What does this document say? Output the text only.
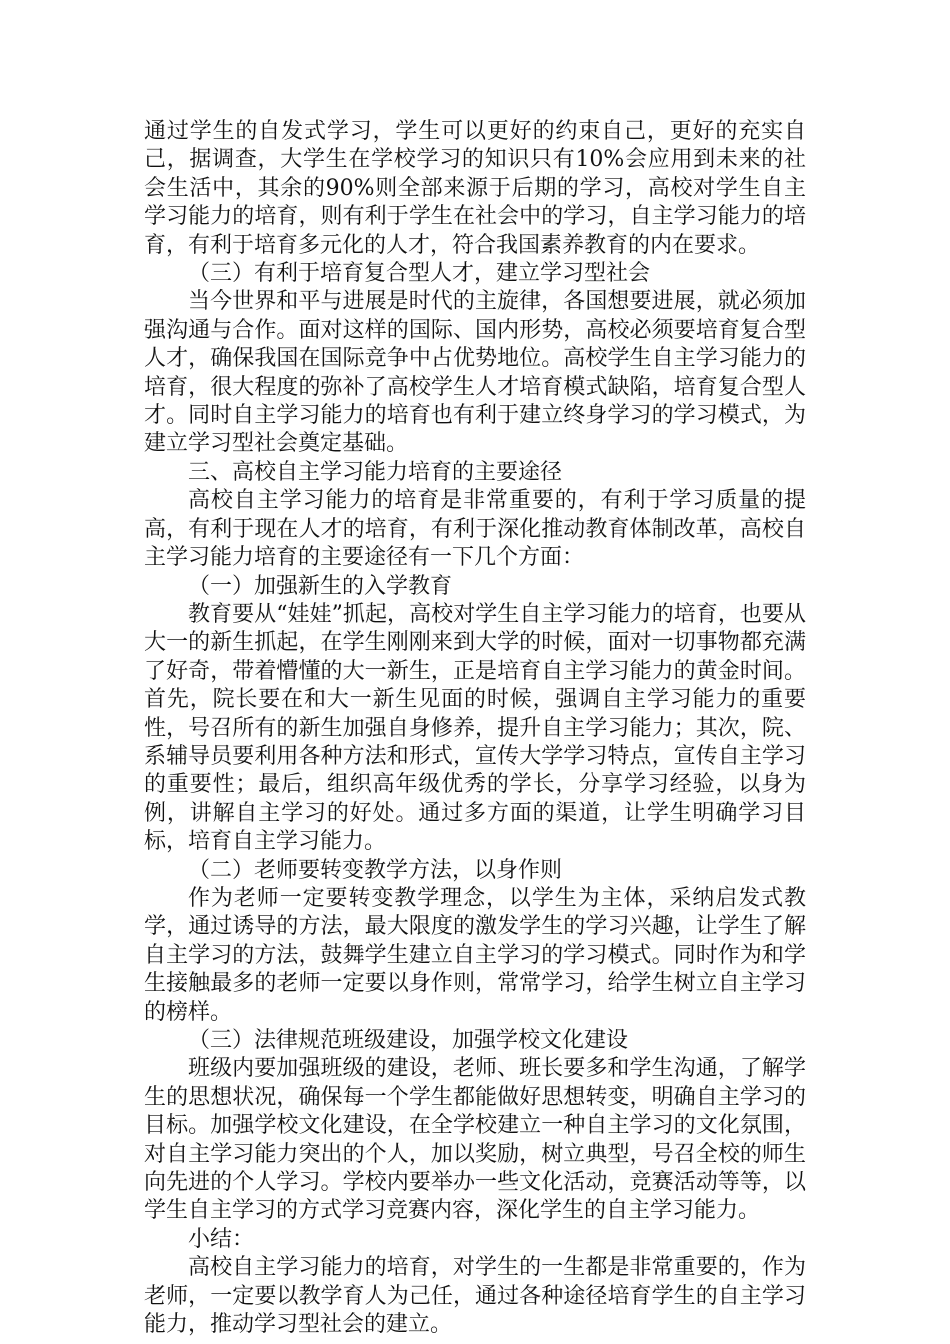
通过学生的自发式学习，学生可以更好的约束自己，更好的充实自己，据调查，大学生在学校学习的知识只有10%会应用到未来的社会生活中，其余的90%则全部来源于后期的学习，高校对学生自主学习能力的培育，则有利于学生在社会中的学习，自主学习能力的培育，有利于培育多元化的人才，符合我国素养教育的内在要求。

（三）有利于培育复合型人才，建立学习型社会

当今世界和平与进展是时代的主旋律，各国想要进展，就必须加强沟通与合作。面对这样的国际、国内形势，高校必须要培育复合型人才，确保我国在国际竞争中占优势地位。高校学生自主学习能力的培育，很大程度的弥补了高校学生人才培育模式缺陷，培育复合型人才。同时自主学习能力的培育也有利于建立终身学习的学习模式，为建立学习型社会奠定基础。

三、高校自主学习能力培育的主要途径

高校自主学习能力的培育是非常重要的，有利于学习质量的提高，有利于现在人才的培育，有利于深化推动教育体制改革，高校自主学习能力培育的主要途径有一下几个方面：

（一）加强新生的入学教育

教育要从“娃娃”抓起，高校对学生自主学习能力的培育，也要从大一的新生抓起，在学生刚刚来到大学的时候，面对一切事物都充满了好奇，带着懵懂的大一新生，正是培育自主学习能力的黄金时间。首先，院长要在和大一新生见面的时候，强调自主学习能力的重要性，号召所有的新生加强自身修养，提升自主学习能力；其次，院、系辅导员要利用各种方法和形式，宣传大学学习特点，宣传自主学习的重要性；最后，组织高年级优秀的学长，分享学习经验，以身为例，讲解自主学习的好处。通过多方面的渠道，让学生明确学习目标，培育自主学习能力。

（二）老师要转变教学方法，以身作则

作为老师一定要转变教学理念，以学生为主体，采纳启发式教学，通过诱导的方法，最大限度的激发学生的学习兴趣，让学生了解自主学习的方法，鼓舞学生建立自主学习的学习模式。同时作为和学生接触最多的老师一定要以身作则，常常学习，给学生树立自主学习的榜样。

（三）法律规范班级建设，加强学校文化建设

班级内要加强班级的建设，老师、班长要多和学生沟通，了解学生的思想状况，确保每一个学生都能做好思想转变，明确自主学习的目标。加强学校文化建设，在全学校建立一种自主学习的文化氛围，对自主学习能力突出的个人，加以奖励，树立典型，号召全校的师生向先进的个人学习。学校内要举办一些文化活动，竞赛活动等等，以学生自主学习的方式学习竞赛内容，深化学生的自主学习能力。

小结：

高校自主学习能力的培育，对学生的一生都是非常重要的，作为老师，一定要以教学育人为己任，通过各种途径培育学生的自主学习能力，推动学习型社会的建立。
